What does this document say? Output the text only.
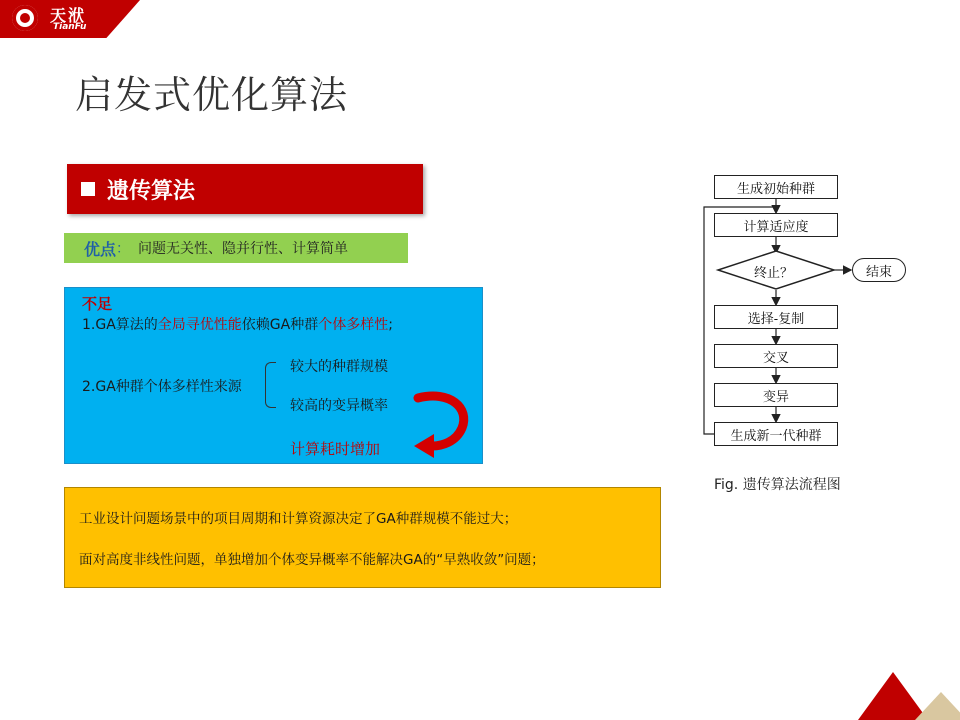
天洑
TianFu
启发式优化算法
遗传算法
优点 ： 问题无关性、隐并行性、计算简单
不足
1.GA算法的全局寻优性能依赖GA种群个体多样性;
2.GA种群个体多样性来源
较大的种群规模
较高的变异概率
计算耗时增加
工业设计问题场景中的项目周期和计算资源决定了GA种群规模不能过大；
面对高度非线性问题，单独增加个体变异概率不能解决GA的“早熟收敛”问题；
生成初始种群
计算适应度
终止？	结束
选择-复制
交叉
变异
生成新一代种群
Fig. 遗传算法流程图
